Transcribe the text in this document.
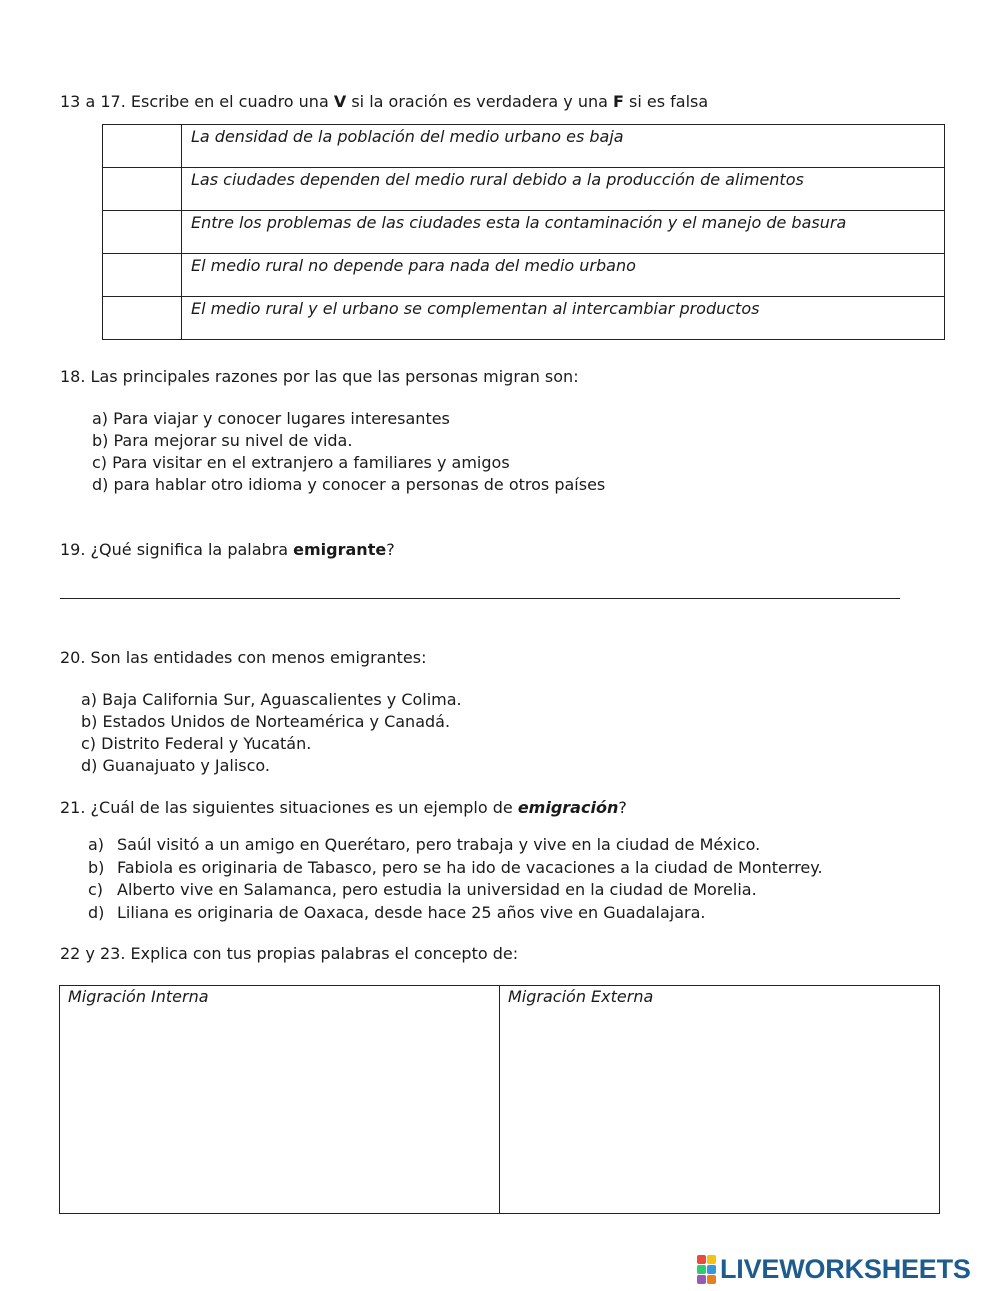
13 a 17. Escribe en el cuadro una V si la oración es verdadera y una F si es falsa
	La densidad de la población del medio urbano es baja

	Las ciudades dependen del medio rural debido a la producción de alimentos

	Entre los problemas de las ciudades esta la contaminación y el manejo de basura

	El medio rural no depende para nada del medio urbano

	El medio rural y el urbano se complementan al intercambiar productos
18. Las principales razones por las que las personas migran son:
a) Para viajar y conocer lugares interesantes
b) Para mejorar su nivel de vida.
c) Para visitar en el extranjero a familiares y amigos
d) para hablar otro idioma y conocer a personas de otros países
19. ¿Qué significa la palabra emigrante?
20. Son las entidades con menos emigrantes:
a) Baja California Sur, Aguascalientes y Colima.
b) Estados Unidos de Norteamérica y Canadá.
c) Distrito Federal y Yucatán.
d) Guanajuato y Jalisco.
21. ¿Cuál de las siguientes situaciones es un ejemplo de emigración?
a) Saúl visitó a un amigo en Querétaro, pero trabaja y vive en la ciudad de México.
b) Fabiola es originaria de Tabasco, pero se ha ido de vacaciones a la ciudad de Monterrey.
c) Alberto vive en Salamanca, pero estudia la universidad en la ciudad de Morelia.
d) Liliana es originaria de Oaxaca, desde hace 25 años vive en Guadalajara.
22 y 23. Explica con tus propias palabras el concepto de:
Migración Interna	Migración Externa
LIVEWORKSHEETS
